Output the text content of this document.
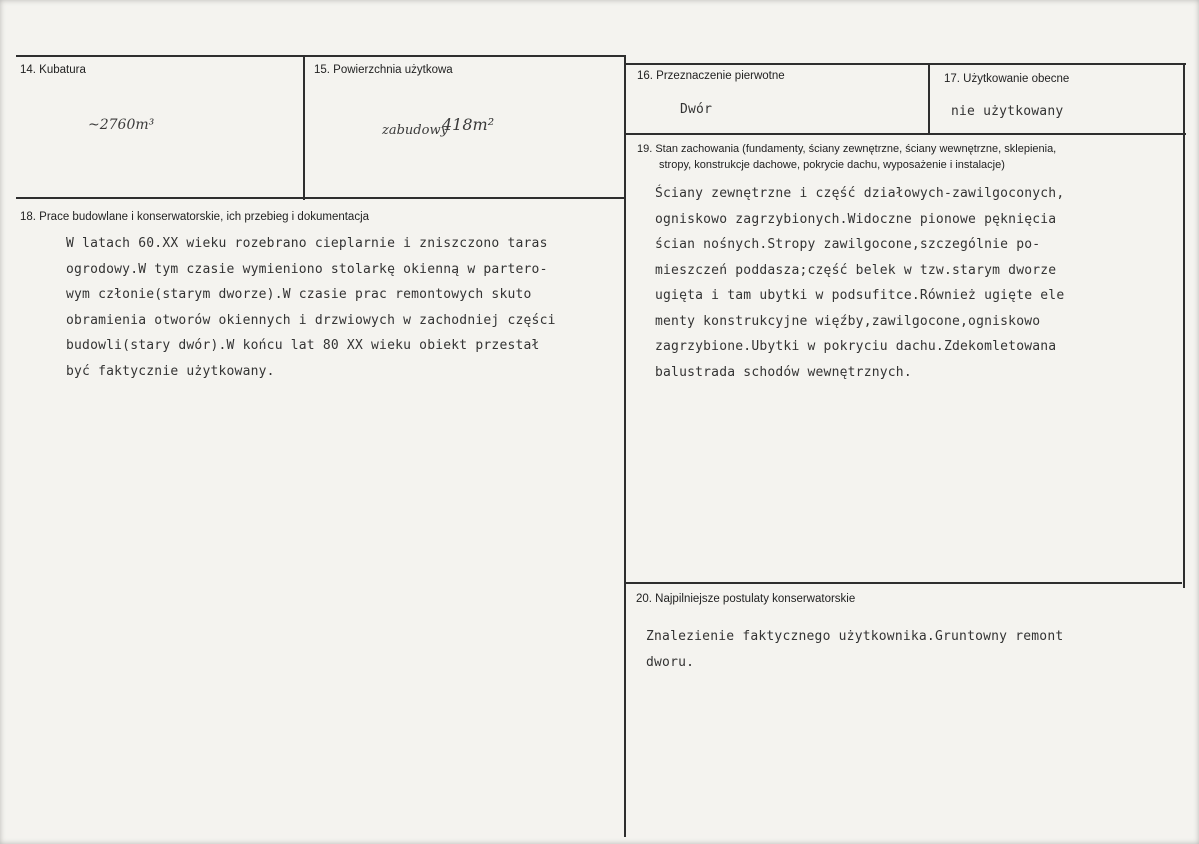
14. Kubatura
~2760m³
15. Powierzchnia użytkowa
zabudowy
418m²
16. Przeznaczenie pierwotne
Dwór
17. Użytkowanie obecne
nie użytkowany
19. Stan zachowania (fundamenty, ściany zewnętrzne, ściany wewnętrzne, sklepienia,
stropy, konstrukcje dachowe, pokrycie dachu, wyposażenie i instalacje)
Ściany zewnętrzne i część działowych-zawilgoconych,
ogniskowo zagrzybionych.Widoczne pionowe pęknięcia
ścian nośnych.Stropy zawilgocone,szczególnie po-
mieszczeń poddasza;część belek w tzw.starym dworze
ugięta i tam ubytki w podsufitce.Również ugięte ele
menty konstrukcyjne więźby,zawilgocone,ogniskowo
zagrzybione.Ubytki w pokryciu dachu.Zdekomletowana
balustrada schodów wewnętrznych.
18. Prace budowlane i konserwatorskie, ich przebieg i dokumentacja
W latach 60.XX wieku rozebrano cieplarnie i zniszczono taras
ogrodowy.W tym czasie wymieniono stolarkę okienną w partero-
wym członie(starym dworze).W czasie prac remontowych skuto
obramienia otworów okiennych i drzwiowych w zachodniej części
budowli(stary dwór).W końcu lat 80 XX wieku obiekt przestał
być faktycznie użytkowany.
20. Najpilniejsze postulaty konserwatorskie
Znalezienie faktycznego użytkownika.Gruntowny remont
dworu.
